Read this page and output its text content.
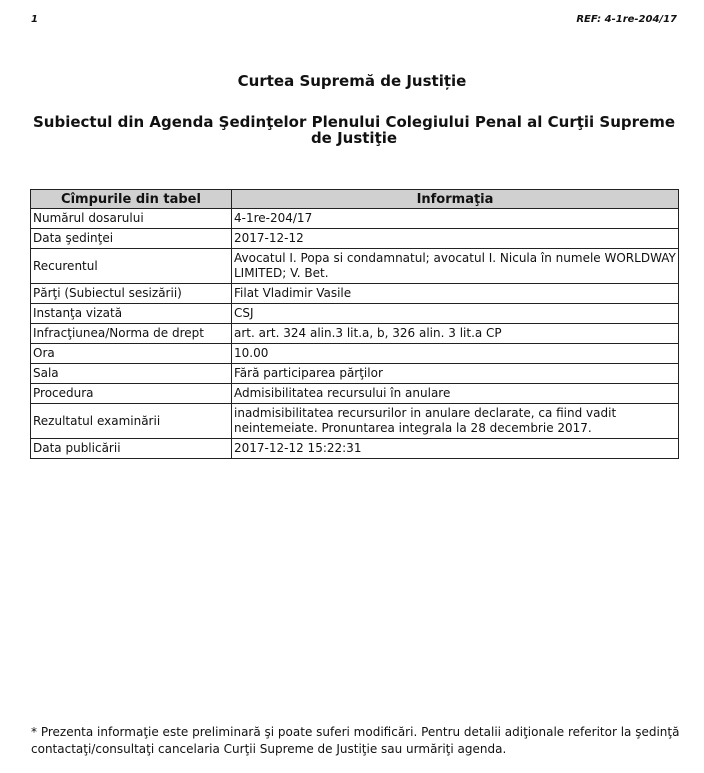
1	REF: 4-1re-204/17
Curtea Supremă de Justiție
Subiectul din Agenda Şedinţelor Plenului Colegiului Penal al Curţii Supreme de Justiţie
Cîmpurile din tabel	Informaţia
Numărul dosarului	4-1re-204/17
Data şedinţei	2017-12-12
Recurentul	Avocatul I. Popa si condamnatul; avocatul I. Nicula în numele WORLDWAY LIMITED; V. Bet.
Părţi (Subiectul sesizării)	Filat Vladimir Vasile
Instanţa vizată	CSJ
Infracţiunea/Norma de drept	art. art. 324 alin.3 lit.a, b, 326 alin. 3 lit.a CP
Ora	10.00
Sala	Fără participarea părţilor
Procedura	Admisibilitatea recursului în anulare
Rezultatul examinării	inadmisibilitatea recursurilor in anulare declarate, ca fiind vadit neintemeiate. Pronuntarea integrala la 28 decembrie 2017.
Data publicării	2017-12-12 15:22:31
* Prezenta informaţie este preliminară şi poate suferi modificări. Pentru detalii adiţionale referitor la şedinţă contactaţi/consultaţi cancelaria Curţii Supreme de Justiţie sau urmăriţi agenda.
